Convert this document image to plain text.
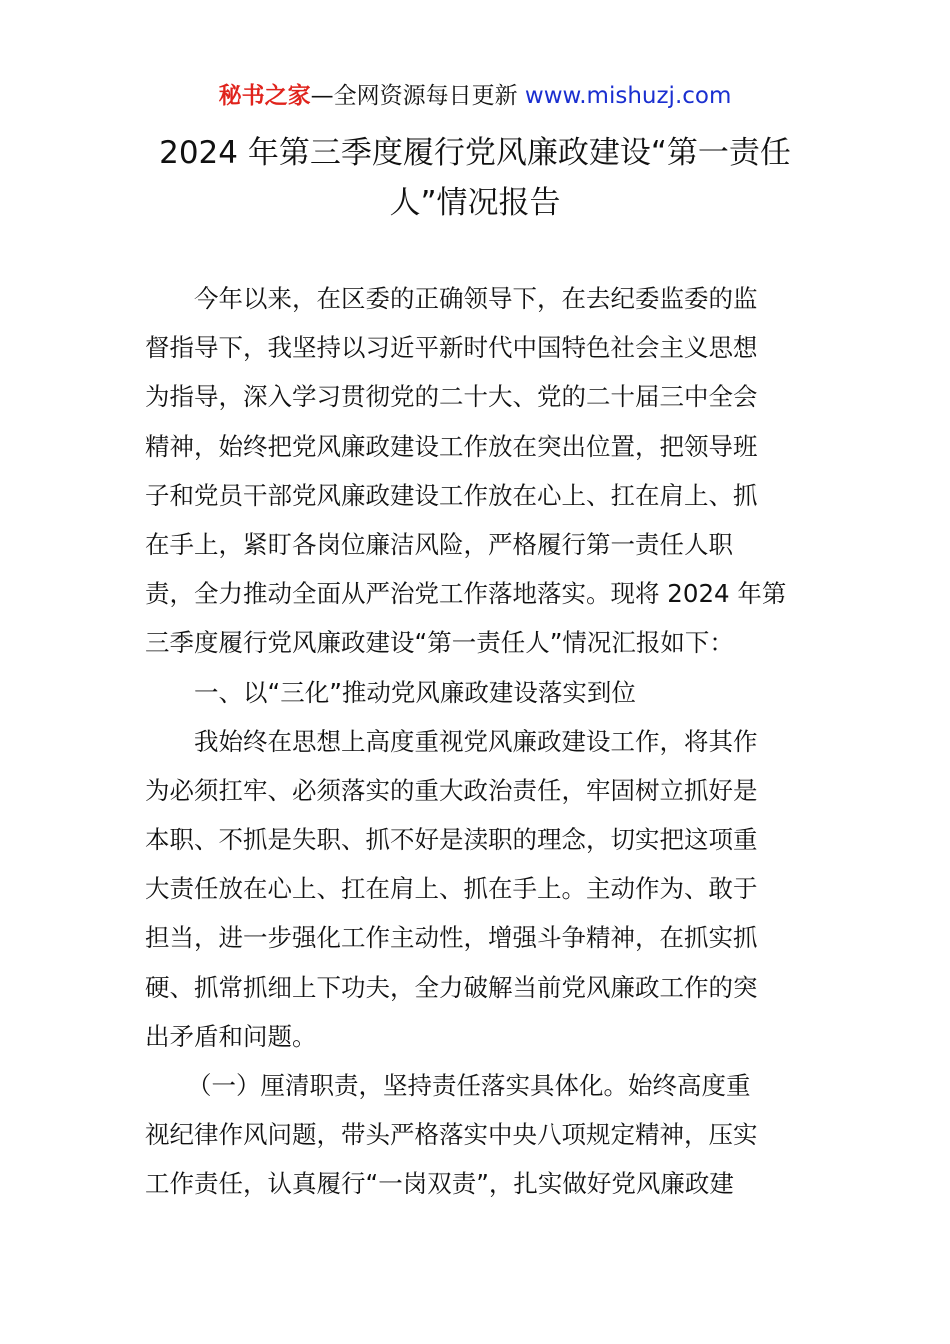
秘书之家—全网资源每日更新 www.mishuzj.com
2024 年第三季度履行党风廉政建设“第一责任
人”情况报告
今年以来，在区委的正确领导下，在去纪委监委的监
督指导下，我坚持以习近平新时代中国特色社会主义思想
为指导，深入学习贯彻党的二十大、党的二十届三中全会
精神，始终把党风廉政建设工作放在突出位置，把领导班
子和党员干部党风廉政建设工作放在心上、扛在肩上、抓
在手上，紧盯各岗位廉洁风险，严格履行第一责任人职
责，全力推动全面从严治党工作落地落实。现将 2024 年第
三季度履行党风廉政建设“第一责任人”情况汇报如下：
一、以“三化”推动党风廉政建设落实到位
我始终在思想上高度重视党风廉政建设工作，将其作
为必须扛牢、必须落实的重大政治责任，牢固树立抓好是
本职、不抓是失职、抓不好是渎职的理念，切实把这项重
大责任放在心上、扛在肩上、抓在手上。主动作为、敢于
担当，进一步强化工作主动性，增强斗争精神，在抓实抓
硬、抓常抓细上下功夫，全力破解当前党风廉政工作的突
出矛盾和问题。
（一）厘清职责，坚持责任落实具体化。始终高度重
视纪律作风问题，带头严格落实中央八项规定精神，压实
工作责任，认真履行“一岗双责”，扎实做好党风廉政建
